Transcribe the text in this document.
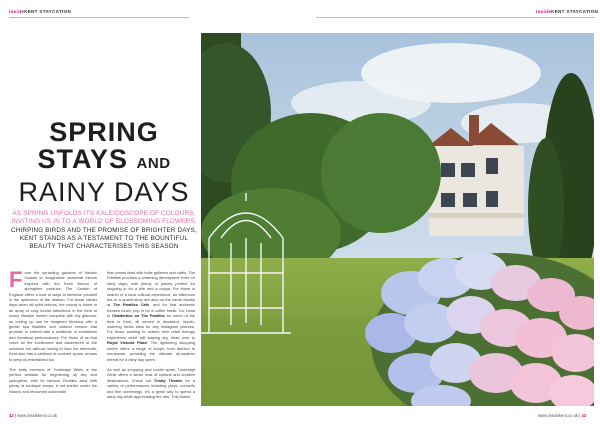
insideKENT STAYCATION	insideKENT STAYCATION
SPRING
STAYS AND
RAINY DAYS
AS SPRING UNFOLDS ITS KALEIDOSCOPE OF COLOURS, INVITING US IN TO A WORLD OF BLOSSOMING FLOWERS, CHIRPING BIRDS AND THE PROMISE OF BRIGHTER DAYS, KENT STANDS AS A TESTAMENT TO THE BOUNTIFUL BEAUTY THAT CHARACTERISES THIS SEASON

From the sprawling gardens of historic houses to imaginative seasonal menus inspired with the fresh flavour of springtime produce, The Garden of England offers a host of ways to immerse yourself in the splendour of the season. For those rainier days when off-spirit indoors, the county is home to an array of cosy tourist attractions in the form of luxury lifestyle homes complete with big glamour, so curling up can be imagined frivolous with a gentle spa facilities and cultural venues that promise to enthral with a multitude of exhibitions and theatrical performances. For those of us that crave all the excitement and adventures of the outdoors but without having to face the elements, Kent also has a plethora of covered sports venues to keep us entertained too.

The leafy environs of Tunbridge Wells is the perfect antidote for brightening up any and springtime, with its famous Pantiles area with plenty of boutique shops, it not shelter under the historic and renowned colonnade

that comes lined with indie galleries and cafés. The Pantiles provides a charming atmosphere even on rainy days, with plenty of places perfect for stopping in for a bite and a cuppa. For those in search of a local cultural experience, an afternoon tea or a quaint shop are also on the cards nearby at The Pantiles Café, and for that authentic Kentish touch, pop in for a coffee break. Go, head to Chatterbox on The Pantiles for some of the best in Kent, all served in decadent, mouth-watering treats ideal for any Instagram pictures. For those wanting to extend their retail therapy experience while still staying dry, head over to Royal Victoria Place. The lightening shopping centre offers a range of shops, from fashion to homeware, providing the ultimate all-weather retreat for a rainy day spent.

As well as shopping and foodie spots, Tunbridge Wells offers a whole host of cultural and creative destinations. Check out Trinity Theatre for a variety of performances including plays, concerts and film screenings. It's a great way to spend a rainy day while appreciating the arts. This March,

42 | www.insidekent.co.uk	www.insidekent.co.uk | 43
